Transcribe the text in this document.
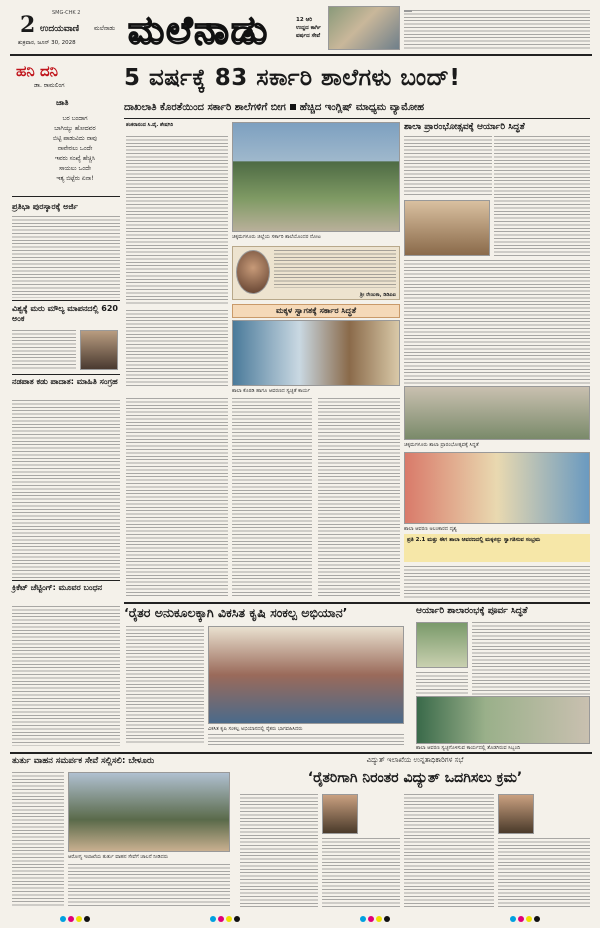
2	SMG-CHK 2
ಉದಯವಾಣಿ ಮಲೆನಾಡು
ಶುಕ್ರವಾರ, ಜೂನ್ 30, 2028 ಮಲೆನಾಡು	12 ಆರಿ ಉದ್ದದ ಕಾರ್ಗಿ ವರ್ಷದ ಸೇವೆ
ಹನಿ ದನಿ
ಡಾ. ರಾಮಲಿಂಗ
ಜಾತಿ
ಬರ ಬಂದಾಗ
ಬಾಗಿಯ್ಯು ಹೋದವರ
ಬಿಟ್ಟಿ ಪಾಡುವಿದು ನಾವು
ನಾವೇರಲು ಒಂದೇ
ಇವರು ಸಂಖ್ಯೆ ಹೆಚ್ಚಿಸಿ
ಸಾಯಲು ಒಂದೇ
ಇತ್ಯ ಬಿಟ್ಟೆರು ಏನಾ!
ಪ್ರತಿಭಾ ಪುರಸ್ಕಾರಕ್ಕೆ ಅರ್ಜಿ
ವಿಶ್ವಕ್ಕೆ ಮರು ಮೌಲ್ಯ ಮಾಪನದಲ್ಲಿ 620 ಅಂಕ
ನಡಪಾತ ಕಡು ಪಾದಾತ: ಮಾಹಿತಿ ಸಂಗ್ರಹ
ಕ್ರಿಕೆಟ್ ಚೆಟ್ಟಿಂಗ್: ಮೂವರ ಬಂಧನ
5 ವರ್ಷಕ್ಕೆ 83 ಸರ್ಕಾರಿ ಶಾಲೆಗಳು ಬಂದ್!
ದಾಖಲಾತಿ ಕೊರತೆಯಿಂದ ಸರ್ಕಾರಿ ಶಾಲೆಗಳಿಗೆ ಬೀಗ ಹೆಚ್ಚಿದ ಇಂಗ್ಲಿಷ್ ಮಾಧ್ಯಮ ವ್ಯಾಮೋಹ
ಶಾಲಾ ಪ್ರಾರಂಭೋತ್ಸವಕ್ಕೆ ಆರ್ಯಾರಿ ಸಿದ್ಧತೆ
ಶಂಕರಾನಂದ ಸಿ.ವೈ. ಶೇಷಗಿರಿ
ಚಿಕ್ಕಮಗಳೂರು ಜಿಲ್ಲೆಯ ಸರ್ಕಾರಿ ಶಾಲೆಯೊಂದರ ನೋಟ
ಶ್ರೀ ರೇಣುಕಾ, ಡಿಡಿಪಿಐ
ಮಕ್ಕಳ ಸ್ವಾಗತಕ್ಕೆ ಸರ್ಕಾರ ಸಿದ್ಧತೆ
ಶಾಲಾ ಕೊಠಡಿ ಹಾಗೂ ಆವರಣದ ಸ್ವಚ್ಛತೆ ಕಾರ್ಯ
ಚಿಕ್ಕಮಗಳೂರು ಶಾಲಾ ಪ್ರಾರಂಭೋತ್ಸವಕ್ಕೆ ಸಿದ್ಧತೆ
ಶಾಲಾ ಆವರಣ ಅಲಂಕಾರದ ದೃಶ್ಯ
ಪ್ರತಿ 2.1 ಮತ್ತು ಈಗ ಶಾಲಾ ಆವರಣದಲ್ಲಿ ಮಕ್ಕಳನ್ನು ಸ್ವಾಗತಿಸುವ ಸಂಭ್ರಮ
‘ರೈತರ ಅನುಕೂಲಕ್ಕಾಗಿ ವಿಕಸಿತ ಕೃಷಿ ಸಂಕಲ್ಪ ಅಭಿಯಾನ’
ವಿಕಸಿತ ಕೃಷಿ ಸಂಕಲ್ಪ ಅಭಿಯಾನದಲ್ಲಿ ರೈತರು ಭಾಗವಹಿಸಿದರು
ಆರ್ಯಾರಿ ಶಾಲಾರಂಭಕ್ಕೆ ಪೂರ್ವ ಸಿದ್ಧತೆ
ಶಾಲಾ ಆವರಣ ಸ್ವಚ್ಛಗೊಳಿಸುವ ಕಾರ್ಯದಲ್ಲಿ ತೊಡಗಿರುವ ಸಿಬ್ಬಂದಿ
ತುರ್ತು ವಾಹನ ಸಮರ್ಪಕ ಸೇವೆ ಸಲ್ಲಿಸಲಿ: ಬೇಳೂರು
ಆರೋಗ್ಯ ಇಲಾಖೆಯ ತುರ್ತು ವಾಹನ ಸೇವೆಗೆ ಚಾಲನೆ ನೀಡಿದರು
ವಿದ್ಯುತ್ ಇಲಾಖೆಯ ಉನ್ನತಾಧಿಕಾರಿಗಳ ಸಭೆ
‘ರೈತರಿಗಾಗಿ ನಿರಂತರ ವಿದ್ಯುತ್ ಒದಗಿಸಲು ಕ್ರಮ’
